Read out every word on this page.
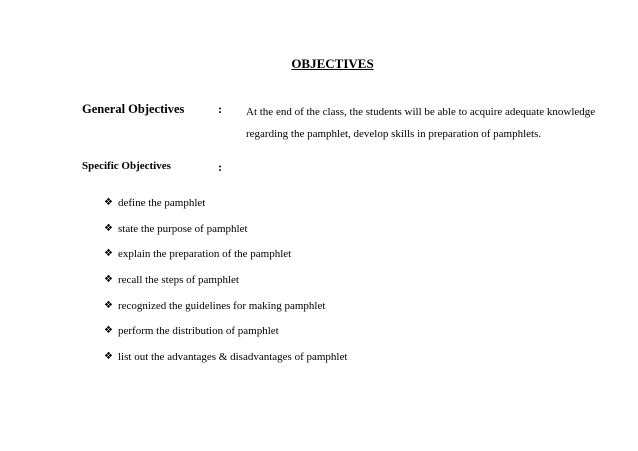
OBJECTIVES
General Objectives	: At the end of the class, the students will be able to acquire adequate knowledge regarding the pamphlet, develop skills in preparation of pamphlets.
Specific Objectives	:
❖ define the pamphlet
❖ state the purpose of pamphlet
❖ explain the preparation of the pamphlet
❖ recall the steps of pamphlet
❖ recognized the guidelines for making pamphlet
❖ perform the distribution of pamphlet
❖ list out the advantages & disadvantages of pamphlet
